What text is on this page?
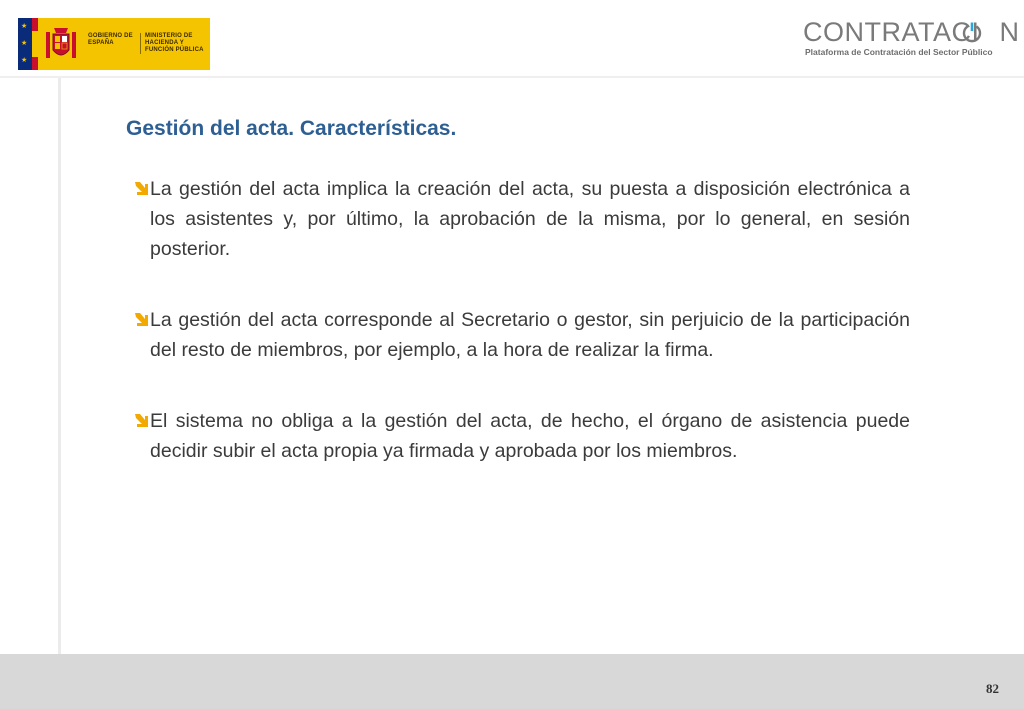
★
★
★
GOBIERNO DE ESPAÑA
MINISTERIO DE HACIENDA Y FUNCIÓN PÚBLICA
CONTRATACI N
Plataforma de Contratación del Sector Público
Gestión del acta. Características.
La gestión del acta implica la creación del acta, su puesta a disposición electrónica a los asistentes y, por último, la aprobación de la misma, por lo general, en sesión posterior.
La gestión del acta corresponde al Secretario o gestor, sin perjuicio de la participación del resto de miembros, por ejemplo, a la hora de realizar la firma.
El sistema no obliga a la gestión del acta, de hecho, el órgano de asistencia puede decidir subir el acta propia ya firmada y aprobada por los miembros.
82
